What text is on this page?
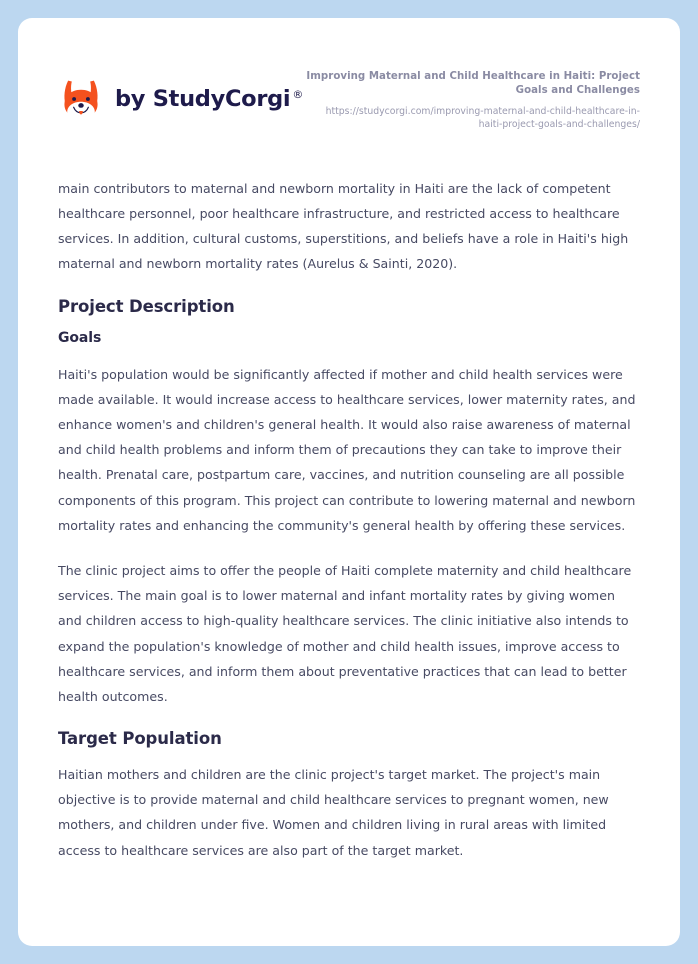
by StudyCorgi ®
Improving Maternal and Child Healthcare in Haiti: Project Goals and Challenges
https://studycorgi.com/improving-maternal-and-child-healthcare-in-haiti-project-goals-and-challenges/

main contributors to maternal and newborn mortality in Haiti are the lack of competent healthcare personnel, poor healthcare infrastructure, and restricted access to healthcare services. In addition, cultural customs, superstitions, and beliefs have a role in Haiti's high maternal and newborn mortality rates (Aurelus & Sainti, 2020).

Project Description
Goals

Haiti's population would be significantly affected if mother and child health services were made available. It would increase access to healthcare services, lower maternity rates, and enhance women's and children's general health. It would also raise awareness of maternal and child health problems and inform them of precautions they can take to improve their health. Prenatal care, postpartum care, vaccines, and nutrition counseling are all possible components of this program. This project can contribute to lowering maternal and newborn mortality rates and enhancing the community's general health by offering these services.

The clinic project aims to offer the people of Haiti complete maternity and child healthcare services. The main goal is to lower maternal and infant mortality rates by giving women and children access to high-quality healthcare services. The clinic initiative also intends to expand the population's knowledge of mother and child health issues, improve access to healthcare services, and inform them about preventative practices that can lead to better health outcomes.

Target Population

Haitian mothers and children are the clinic project's target market. The project's main objective is to provide maternal and child healthcare services to pregnant women, new mothers, and children under five. Women and children living in rural areas with limited access to healthcare services are also part of the target market.
